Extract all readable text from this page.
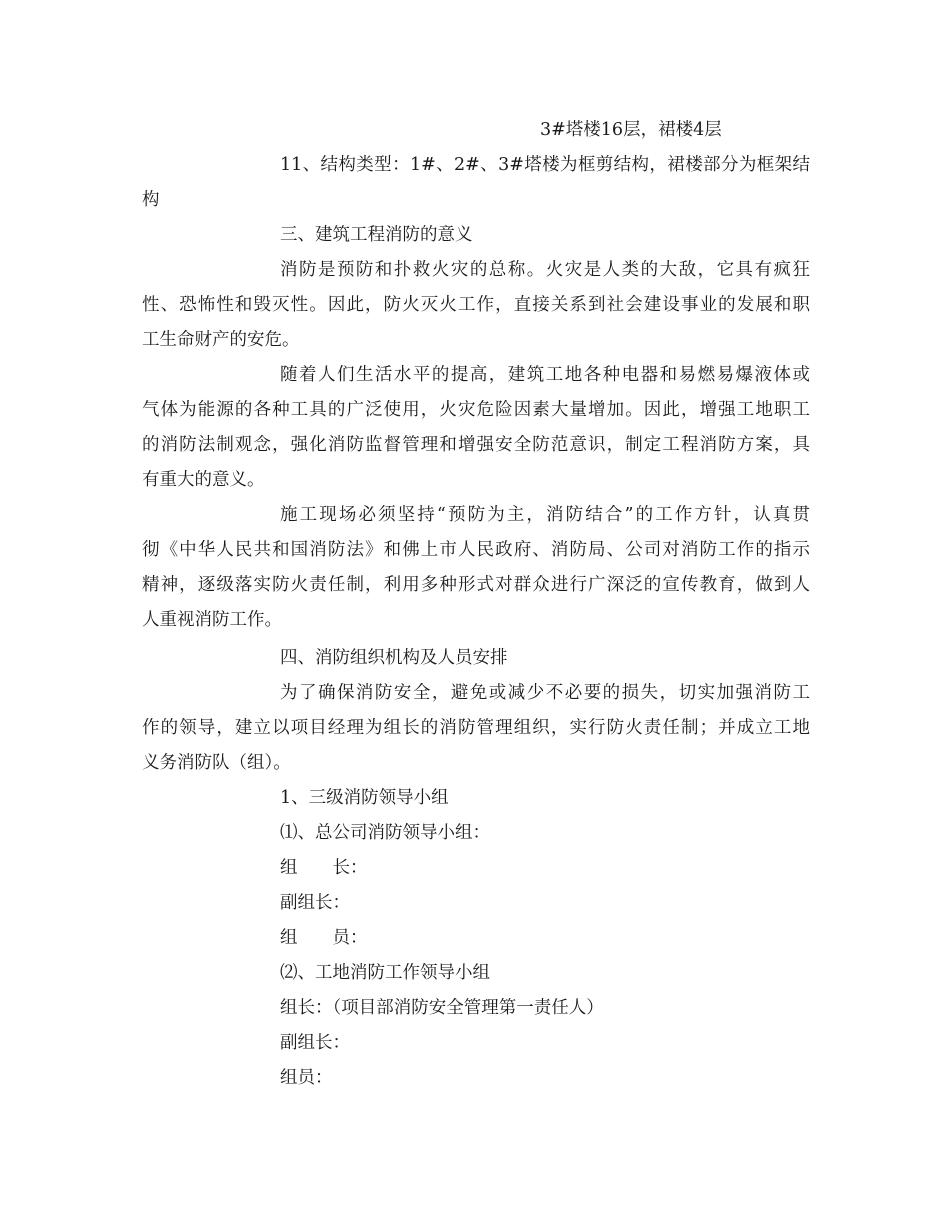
3#塔楼16层，裙楼4层
11、结构类型：1#、2#、3#塔楼为框剪结构，裙楼部分为框架结
构
三、建筑工程消防的意义
消防是预防和扑救火灾的总称。火灾是人类的大敌，它具有疯狂
性、恐怖性和毁灭性。因此，防火灭火工作，直接关系到社会建设事业的发展和职
工生命财产的安危。
随着人们生活水平的提高，建筑工地各种电器和易燃易爆液体或
气体为能源的各种工具的广泛使用，火灾危险因素大量增加。因此，增强工地职工
的消防法制观念，强化消防监督管理和增强安全防范意识，制定工程消防方案，具
有重大的意义。
施工现场必须坚持“预防为主，消防结合”的工作方针，认真贯
彻《中华人民共和国消防法》和佛上市人民政府、消防局、公司对消防工作的指示
精神，逐级落实防火责任制，利用多种形式对群众进行广深泛的宣传教育，做到人
人重视消防工作。
四、消防组织机构及人员安排
为了确保消防安全，避免或减少不必要的损失，切实加强消防工
作的领导，建立以项目经理为组长的消防管理组织，实行防火责任制；并成立工地
义务消防队（组）。
1、三级消防领导小组
⑴、总公司消防领导小组：
组　　长：
副组长：
组　　员：
⑵、工地消防工作领导小组
组长：（项目部消防安全管理第一责任人）
副组长：
组员：
